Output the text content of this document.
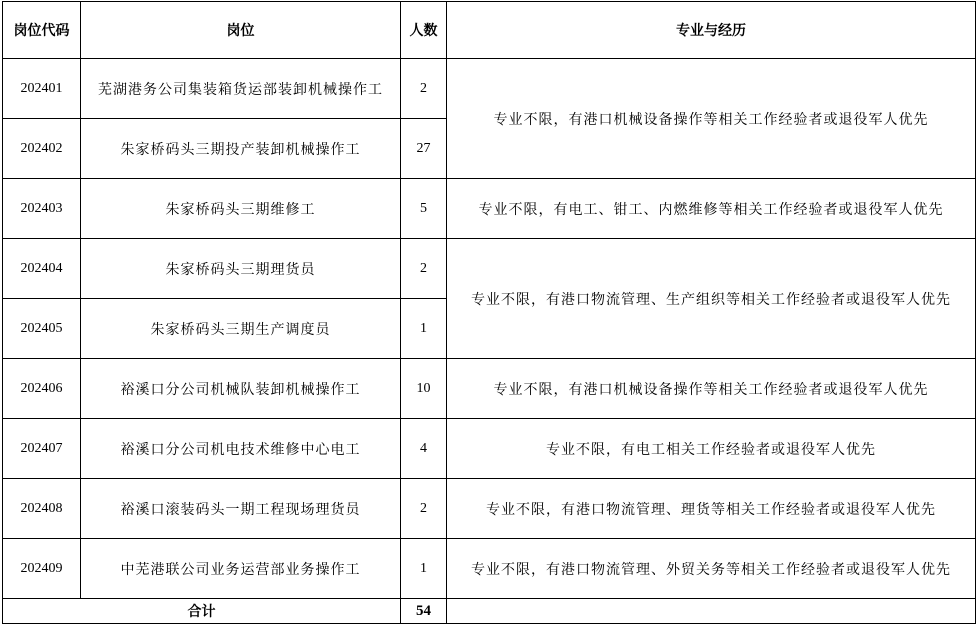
岗位代码	岗位	人数	专业与经历
202401	芜湖港务公司集装箱货运部装卸机械操作工	2	专业不限，有港口机械设备操作等相关工作经验者或退役军人优先
202402	朱家桥码头三期投产装卸机械操作工	27	
202403	朱家桥码头三期维修工	5	专业不限，有电工、钳工、内燃维修等相关工作经验者或退役军人优先
202404	朱家桥码头三期理货员	2	专业不限，有港口物流管理、生产组织等相关工作经验者或退役军人优先
202405	朱家桥码头三期生产调度员	1	
202406	裕溪口分公司机械队装卸机械操作工	10	专业不限，有港口机械设备操作等相关工作经验者或退役军人优先
202407	裕溪口分公司机电技术维修中心电工	4	专业不限，有电工相关工作经验者或退役军人优先
202408	裕溪口滚装码头一期工程现场理货员	2	专业不限，有港口物流管理、理货等相关工作经验者或退役军人优先
202409	中芜港联公司业务运营部业务操作工	1	专业不限，有港口物流管理、外贸关务等相关工作经验者或退役军人优先
合计		54	
